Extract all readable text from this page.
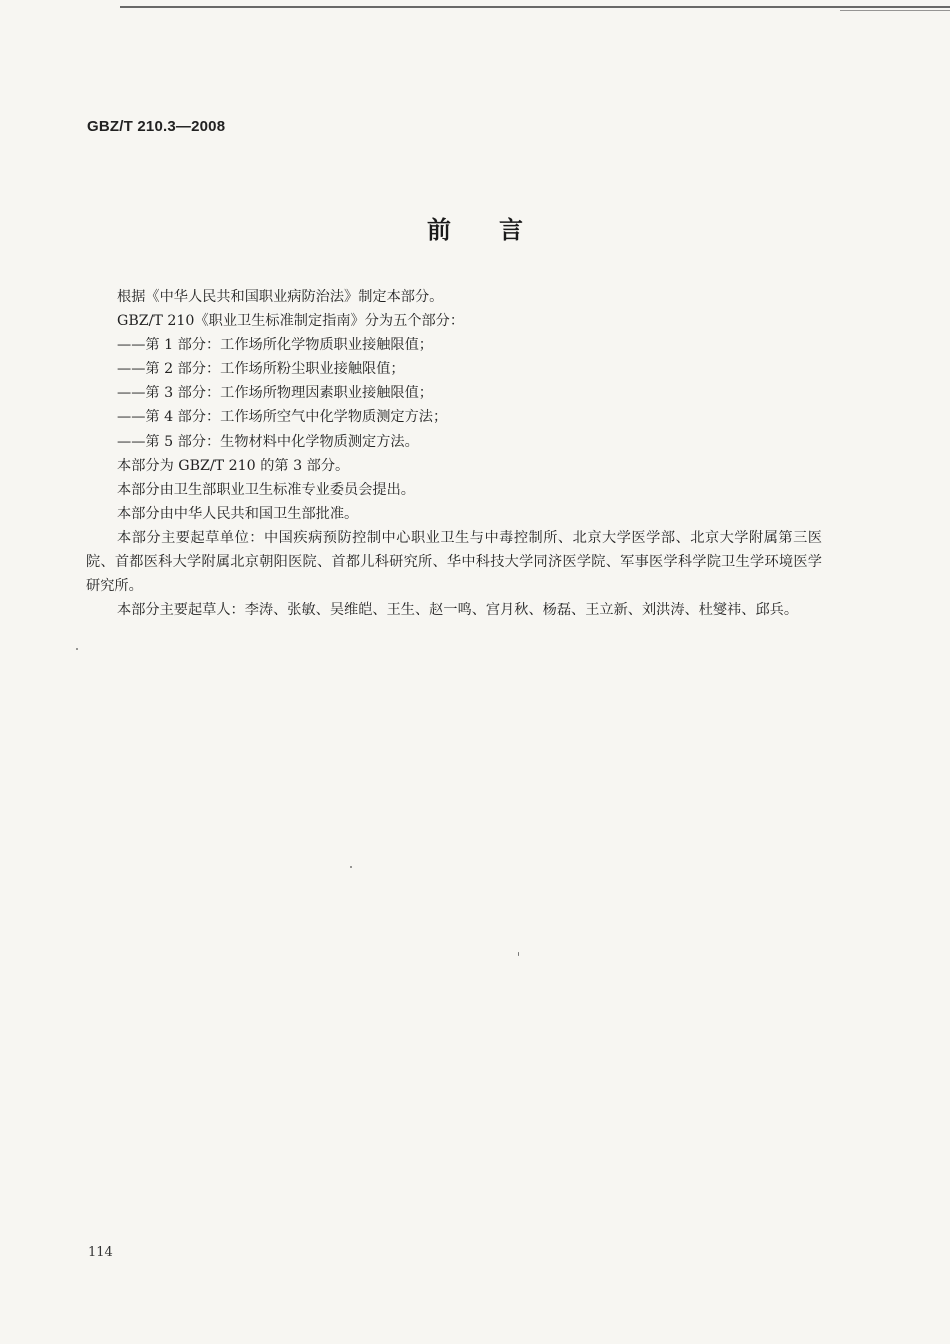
GBZ/T 210.3—2008
前言

根据《中华人民共和国职业病防治法》制定本部分。

GBZ/T 210《职业卫生标准制定指南》分为五个部分：

——第 1 部分：工作场所化学物质职业接触限值；

——第 2 部分：工作场所粉尘职业接触限值；

——第 3 部分：工作场所物理因素职业接触限值；

——第 4 部分：工作场所空气中化学物质测定方法；

——第 5 部分：生物材料中化学物质测定方法。

本部分为 GBZ/T 210 的第 3 部分。

本部分由卫生部职业卫生标准专业委员会提出。

本部分由中华人民共和国卫生部批准。

本部分主要起草单位：中国疾病预防控制中心职业卫生与中毒控制所、北京大学医学部、北京大学附属第三医院、首都医科大学附属北京朝阳医院、首都儿科研究所、华中科技大学同济医学院、军事医学科学院卫生学环境医学研究所。

本部分主要起草人：李涛、张敏、吴维皑、王生、赵一鸣、宫月秋、杨磊、王立新、刘洪涛、杜燮祎、邱兵。

114
